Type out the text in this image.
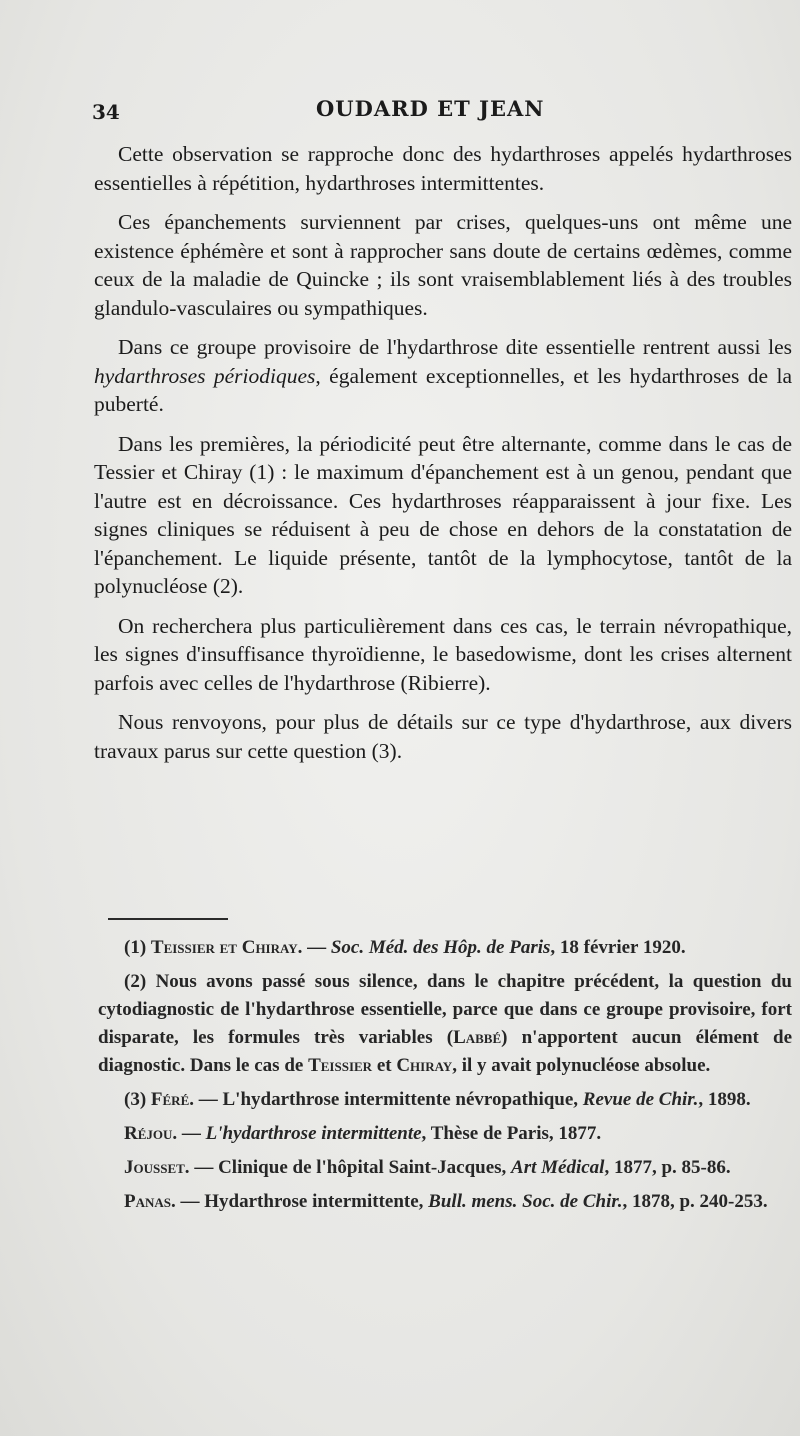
34	OUDARD ET JEAN

Cette observation se rapproche donc des hydarthroses appelés hydarthroses essentielles à répétition, hydarthroses intermittentes.

Ces épanchements surviennent par crises, quelques-uns ont même une existence éphémère et sont à rapprocher sans doute de certains œdèmes, comme ceux de la maladie de Quincke ; ils sont vraisemblablement liés à des troubles glandulo-vasculaires ou sympathiques.

Dans ce groupe provisoire de l'hydarthrose dite essentielle rentrent aussi les hydarthroses périodiques, également exceptionnelles, et les hydarthroses de la puberté.

Dans les premières, la périodicité peut être alternante, comme dans le cas de Tessier et Chiray (1) : le maximum d'épanchement est à un genou, pendant que l'autre est en décroissance. Ces hydarthroses réapparaissent à jour fixe. Les signes cliniques se réduisent à peu de chose en dehors de la constatation de l'épanchement. Le liquide présente, tantôt de la lymphocytose, tantôt de la polynucléose (2).

On recherchera plus particulièrement dans ces cas, le terrain névropathique, les signes d'insuffisance thyroïdienne, le basedowisme, dont les crises alternent parfois avec celles de l'hydarthrose (Ribierre).

Nous renvoyons, pour plus de détails sur ce type d'hydarthrose, aux divers travaux parus sur cette question (3).

(1) Teissier et Chiray. — Soc. Méd. des Hôp. de Paris, 18 février 1920.

(2) Nous avons passé sous silence, dans le chapitre précédent, la question du cytodiagnostic de l'hydarthrose essentielle, parce que dans ce groupe provisoire, fort disparate, les formules très variables (Labbé) n'apportent aucun élément de diagnostic. Dans le cas de Teissier et Chiray, il y avait polynucléose absolue.

(3) Féré. — L'hydarthrose intermittente névropathique, Revue de Chir., 1898.

Réjou. — L'hydarthrose intermittente, Thèse de Paris, 1877.

Jousset. — Clinique de l'hôpital Saint-Jacques, Art Médical, 1877, p. 85-86.

Panas. — Hydarthrose intermittente, Bull. mens. Soc. de Chir., 1878, p. 240-253.
